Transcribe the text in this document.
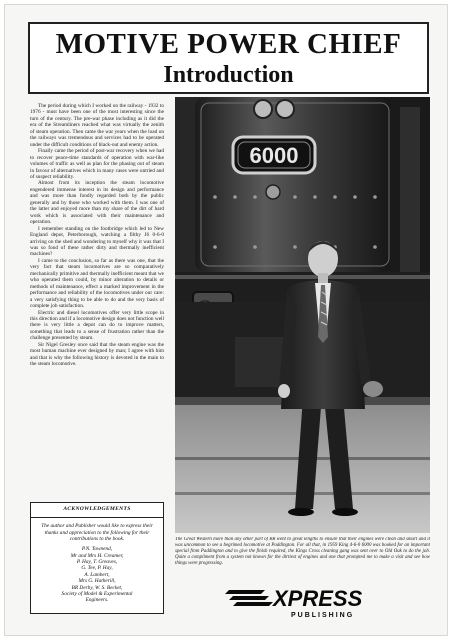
MOTIVE POWER CHIEF
Introduction

The period during which I worked on the railway - 1932 to 1976 - must have been one of the most interesting since the turn of the century. The pre-war phase including as it did the era of the Streamliners reached what was virtually the zenith of steam operation. Then came the war years when the load on the railways was tremendous and services had to be operated under the difficult conditions of black-out and enemy action.

Finally came the period of post-war recovery when we had to recover peace-time standards of operation with war-like volumes of traffic as well as plan for the phasing out of steam in favour of alternatives which in many cases were untried and of suspect reliability.

Almost from its inception the steam locomotive engendered immense interest in its design and performance and was more than fondly regarded both by the public generally and by those who worked with them. I was one of the latter and enjoyed more than my share of the dirt of hard work which is associated with their maintenance and operation.

I remember standing on the footbridge which led to New England depot, Peterborough, watching a filthy J6 0-6-0 arriving on the shed and wondering to myself why it was that I was so fond of these rather dirty and thermally inefficient machines?

I came to the conclusion, so far as there was one, that the very fact that steam locomotives are so comparatively mechanically primitive and thermally inefficient meant that we who operated them could, by minor alteration to details or methods of maintenance, effect a marked improvement in the performance and reliability of the locomotives under our care: a very satisfying thing to be able to do and the very basis of complete job satisfaction.

Electric and diesel locomotives offer very little scope in this direction and if a locomotive design does not function well there is very little a depot can do to improve matters, something that leads to a sense of frustration rather than the challenge presented by steam.

Sir Nigel Gresley once said that the steam engine was the most human machine ever designed by man; I agree with him and that is why the following history is devoted in the main to the steam locomotive.

ACKNOWLEDGEMENTS
The author and Publisher would like to express their thanks and appreciation to the following for their contributions to the book.
P.N. Townend,
Mr and Mrs H. Creamer,
P. Hay, T. Greaves,
G. Tee, P. Hay,
A. Lambert,
Mrs G. Hatherill,
BR Derby, W. S. Becket,
Society of Model & Experimental
Engineers.
6000
The Great Western more than any other part of BR went to great lengths to ensure that their engines were clean and smart and it was uncommon to see a begrimed locomotive at Paddington. For all that, in 1959 King 4-6-0 6000 was booked for an important special from Paddington and to give the finish required, the Kings Cross cleaning gang was sent over to Old Oak to do the job. Quite a compliment from a system not known for the dirtiest of engines and one that prompted me to make a visit and see how things were progressing.
XPRESS
PUBLISHING
